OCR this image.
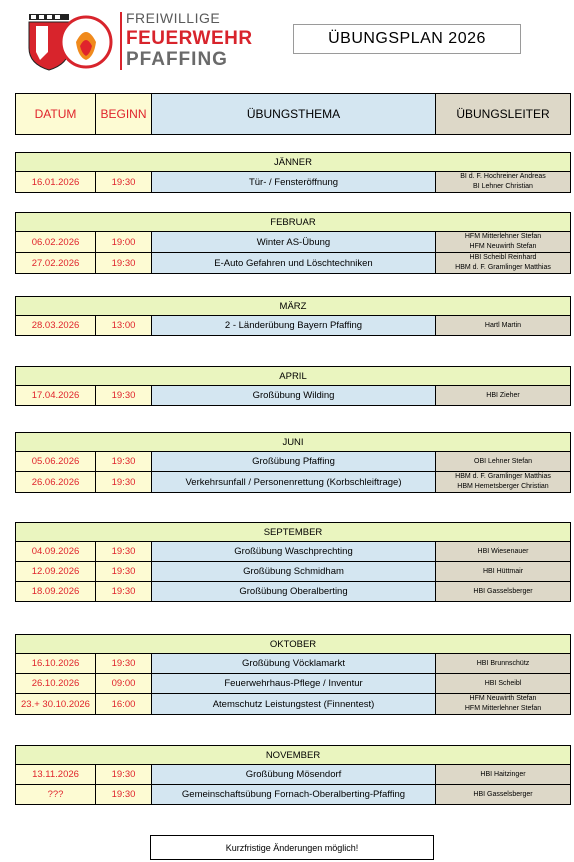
FREIWILLIGE
FEUERWEHR
PFAFFING
ÜBUNGSPLAN 2026
DATUM	BEGINN	ÜBUNGSTHEMA	ÜBUNGSLEITER
JÄNNER
16.01.2026	19:30	Tür- / Fensteröffnung	BI d. F. Hochreiner Andreas
BI Lehner Christian
FEBRUAR			
06.02.2026	19:00	Winter AS-Übung	HFM Mitterlehner Stefan
HFM Neuwirth Stefan

27.02.2026	19:30	E-Auto Gefahren und Löschtechniken	HBI Scheibl Reinhard
HBM d. F. Gramlinger Matthias
MÄRZ
28.03.2026	13:00	2 - Länderübung Bayern Pfaffing	Hartl Martin
APRIL
17.04.2026	19:30	Großübung Wilding	HBI Zieher
JUNI			
05.06.2026	19:30	Großübung Pfaffing	OBI Lehner Stefan

26.06.2026	19:30	Verkehrsunfall / Personenrettung (Korbschleiftrage)	HBM d. F. Gramlinger Matthias
HBM Hemetsberger Christian
SEPTEMBER			
04.09.2026	19:30	Großübung Waschprechting	HBI Wiesenauer

12.09.2026	19:30	Großübung Schmidham	HBI Hüttmair

18.09.2026	19:30	Großübung Oberalberting	HBI Gasselsberger
OKTOBER			
16.10.2026	19:30	Großübung Vöcklamarkt	HBI Brunnschütz

26.10.2026	09:00	Feuerwehrhaus-Pflege / Inventur	HBI Scheibl

23.+ 30.10.2026	16:00	Atemschutz Leistungstest (Finnentest)	HFM Neuwirth Stefan
HFM Mitterlehner Stefan
NOVEMBER			
13.11.2026	19:30	Großübung Mösendorf	HBI Haitzinger

???	19:30	Gemeinschaftsübung Fornach-Oberalberting-Pfaffing	HBI Gasselsberger
Kurzfristige Änderungen möglich!
